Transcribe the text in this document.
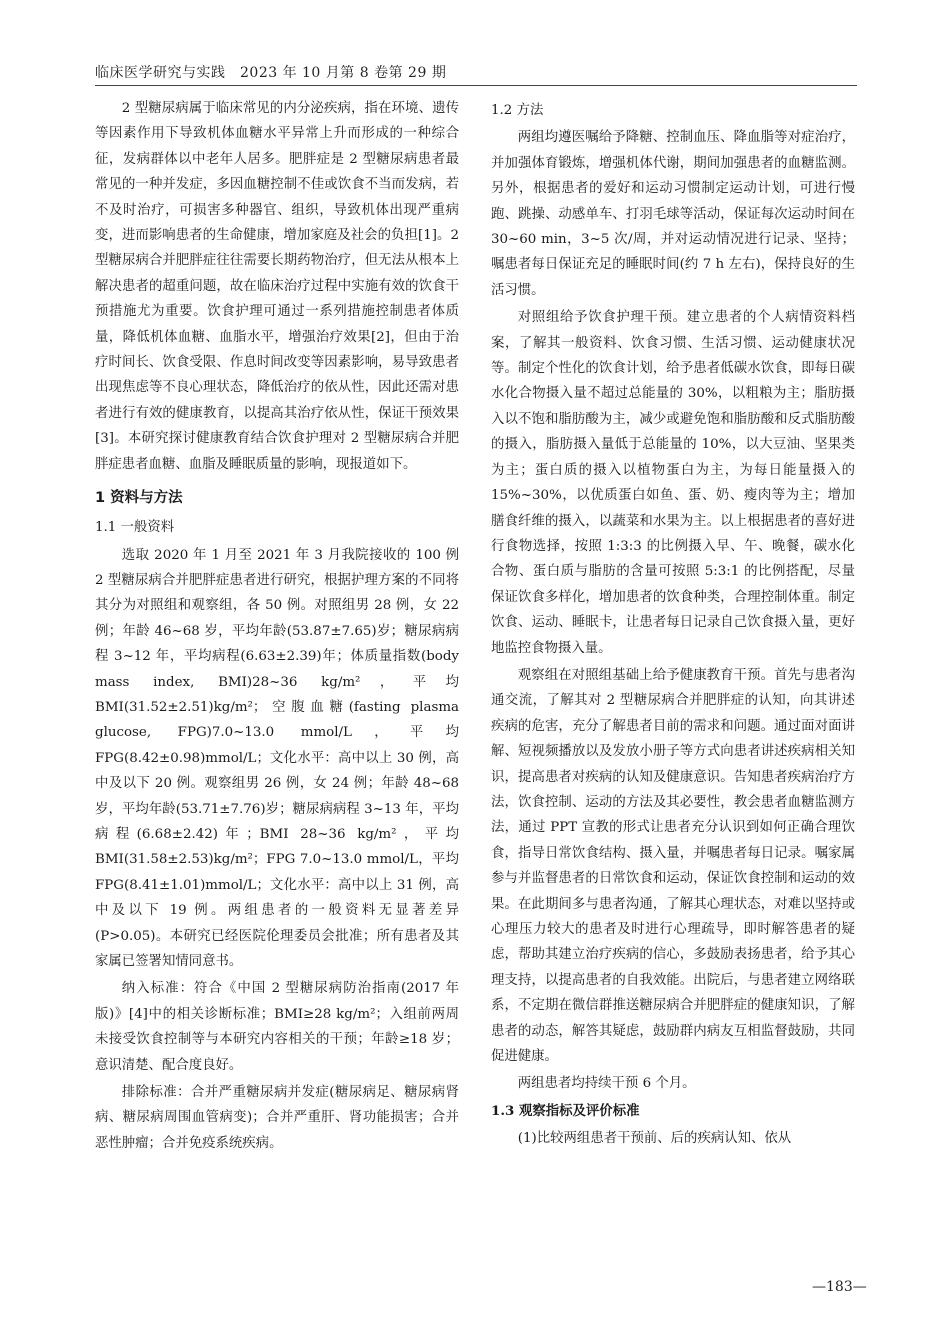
临床医学研究与实践　2023 年 10 月第 8 卷第 29 期

2 型糖尿病属于临床常见的内分泌疾病，指在环境、遗传等因素作用下导致机体血糖水平异常上升而形成的一种综合征，发病群体以中老年人居多。肥胖症是 2 型糖尿病患者最常见的一种并发症，多因血糖控制不佳或饮食不当而发病，若不及时治疗，可损害多种器官、组织，导致机体出现严重病变，进而影响患者的生命健康，增加家庭及社会的负担[1]。2 型糖尿病合并肥胖症往往需要长期药物治疗，但无法从根本上解决患者的超重问题，故在临床治疗过程中实施有效的饮食干预措施尤为重要。饮食护理可通过一系列措施控制患者体质量，降低机体血糖、血脂水平，增强治疗效果[2]，但由于治疗时间长、饮食受限、作息时间改变等因素影响，易导致患者出现焦虑等不良心理状态，降低治疗的依从性，因此还需对患者进行有效的健康教育，以提高其治疗依从性，保证干预效果[3]。本研究探讨健康教育结合饮食护理对 2 型糖尿病合并肥胖症患者血糖、血脂及睡眠质量的影响，现报道如下。

1 资料与方法
1.1 一般资料

选取 2020 年 1 月至 2021 年 3 月我院接收的 100 例 2 型糖尿病合并肥胖症患者进行研究，根据护理方案的不同将其分为对照组和观察组，各 50 例。对照组男 28 例，女 22 例；年龄 46~68 岁，平均年龄(53.87±7.65)岁；糖尿病病程 3~12 年，平均病程(6.63±2.39)年；体质量指数(body mass index, BMI)28~36 kg/m²，平均 BMI(31.52±2.51)kg/m²；空腹血糖(fasting plasma glucose, FPG)7.0~13.0 mmol/L，平均 FPG(8.42±0.98)mmol/L；文化水平：高中以上 30 例，高中及以下 20 例。观察组男 26 例，女 24 例；年龄 48~68 岁，平均年龄(53.71±7.76)岁；糖尿病病程 3~13 年，平均病程(6.68±2.42)年；BMI 28~36 kg/m²，平均 BMI(31.58±2.53)kg/m²；FPG 7.0~13.0 mmol/L，平均 FPG(8.41±1.01)mmol/L；文化水平：高中以上 31 例，高中及以下 19 例。两组患者的一般资料无显著差异(P>0.05)。本研究已经医院伦理委员会批准；所有患者及其家属已签署知情同意书。

纳入标准：符合《中国 2 型糖尿病防治指南(2017 年版)》[4]中的相关诊断标准；BMI≥28 kg/m²；入组前两周未接受饮食控制等与本研究内容相关的干预；年龄≥18 岁；意识清楚、配合度良好。

排除标准：合并严重糖尿病并发症(糖尿病足、糖尿病肾病、糖尿病周围血管病变)；合并严重肝、肾功能损害；合并恶性肿瘤；合并免疫系统疾病。

1.2 方法

两组均遵医嘱给予降糖、控制血压、降血脂等对症治疗，并加强体育锻炼，增强机体代谢，期间加强患者的血糖监测。另外，根据患者的爱好和运动习惯制定运动计划，可进行慢跑、跳操、动感单车、打羽毛球等活动，保证每次运动时间在 30~60 min，3~5 次/周，并对运动情况进行记录、坚持；嘱患者每日保证充足的睡眠时间(约 7 h 左右)，保持良好的生活习惯。

对照组给予饮食护理干预。建立患者的个人病情资料档案，了解其一般资料、饮食习惯、生活习惯、运动健康状况等。制定个性化的饮食计划，给予患者低碳水饮食，即每日碳水化合物摄入量不超过总能量的 30%，以粗粮为主；脂肪摄入以不饱和脂肪酸为主，减少或避免饱和脂肪酸和反式脂肪酸的摄入，脂肪摄入量低于总能量的 10%，以大豆油、坚果类为主；蛋白质的摄入以植物蛋白为主，为每日能量摄入的 15%~30%，以优质蛋白如鱼、蛋、奶、瘦肉等为主；增加膳食纤维的摄入，以蔬菜和水果为主。以上根据患者的喜好进行食物选择，按照 1:3:3 的比例摄入早、午、晚餐，碳水化合物、蛋白质与脂肪的含量可按照 5:3:1 的比例搭配，尽量保证饮食多样化，增加患者的饮食种类，合理控制体重。制定饮食、运动、睡眠卡，让患者每日记录自己饮食摄入量，更好地监控食物摄入量。

观察组在对照组基础上给予健康教育干预。首先与患者沟通交流，了解其对 2 型糖尿病合并肥胖症的认知，向其讲述疾病的危害，充分了解患者目前的需求和问题。通过面对面讲解、短视频播放以及发放小册子等方式向患者讲述疾病相关知识，提高患者对疾病的认知及健康意识。告知患者疾病治疗方法，饮食控制、运动的方法及其必要性，教会患者血糖监测方法，通过 PPT 宣教的形式让患者充分认识到如何正确合理饮食，指导日常饮食结构、摄入量，并嘱患者每日记录。嘱家属参与并监督患者的日常饮食和运动，保证饮食控制和运动的效果。在此期间多与患者沟通，了解其心理状态，对难以坚持或心理压力较大的患者及时进行心理疏导，即时解答患者的疑虑，帮助其建立治疗疾病的信心，多鼓励表扬患者，给予其心理支持，以提高患者的自我效能。出院后，与患者建立网络联系，不定期在微信群推送糖尿病合并肥胖症的健康知识，了解患者的动态，解答其疑虑，鼓励群内病友互相监督鼓励，共同促进健康。

两组患者均持续干预 6 个月。

1.3 观察指标及评价标准

(1)比较两组患者干预前、后的疾病认知、依从

—183—
